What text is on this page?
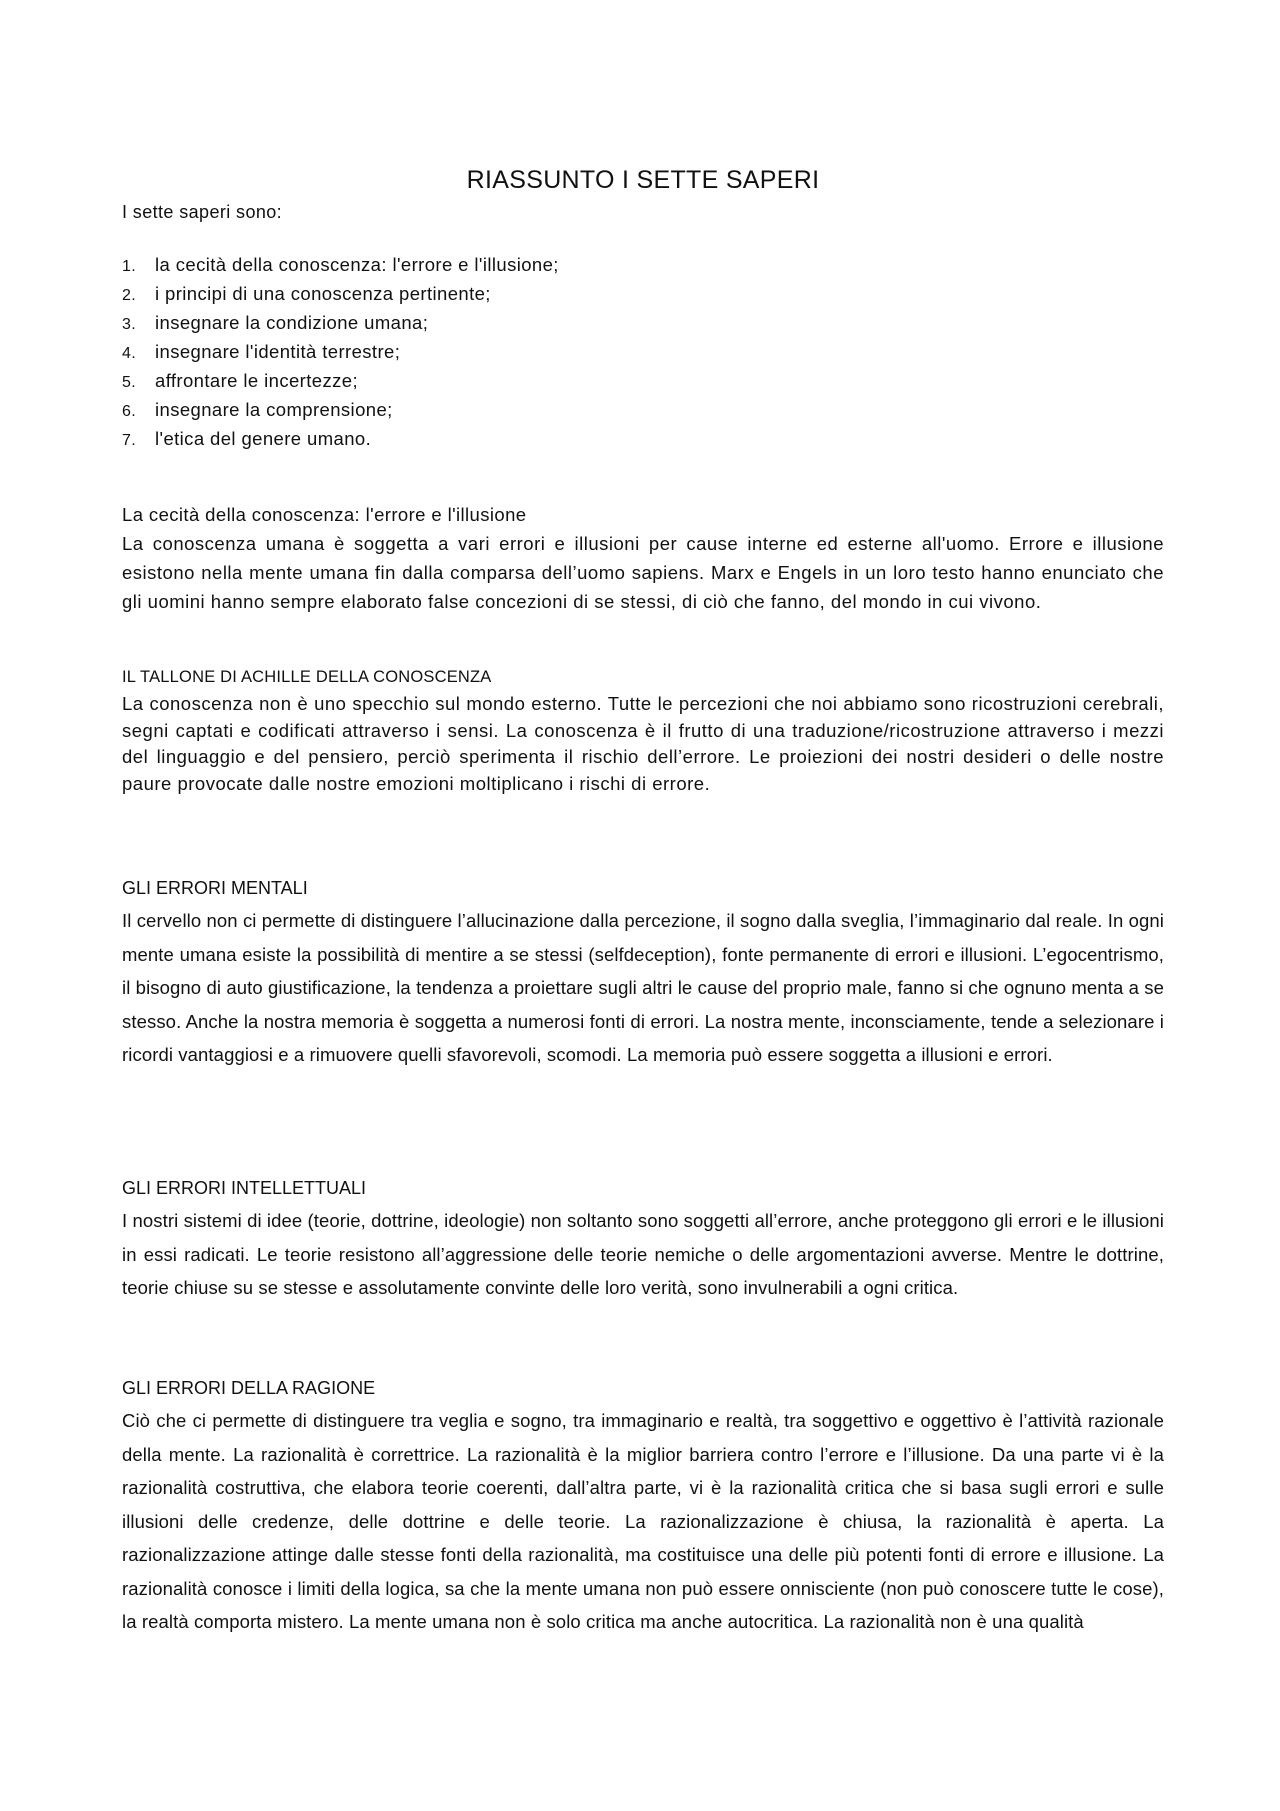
RIASSUNTO I SETTE SAPERI

I sette saperi sono:

1. la cecità della conoscenza: l'errore e l'illusione;
2. i principi di una conoscenza pertinente;
3. insegnare la condizione umana;
4. insegnare l'identità terrestre;
5. affrontare le incertezze;
6. insegnare la comprensione;
7. l'etica del genere umano.

La cecità della conoscenza: l'errore e l'illusione

La conoscenza umana è soggetta a vari errori e illusioni per cause interne ed esterne all'uomo. Errore e illusione esistono nella mente umana fin dalla comparsa dell’uomo sapiens. Marx e Engels in un loro testo hanno enunciato che gli uomini hanno sempre elaborato false concezioni di se stessi, di ciò che fanno, del mondo in cui vivono.

IL TALLONE DI ACHILLE DELLA CONOSCENZA

La conoscenza non è uno specchio sul mondo esterno. Tutte le percezioni che noi abbiamo sono ricostruzioni cerebrali, segni captati e codificati attraverso i sensi. La conoscenza è il frutto di una traduzione/ricostruzione attraverso i mezzi del linguaggio e del pensiero, perciò sperimenta il rischio dell’errore. Le proiezioni dei nostri desideri o delle nostre paure provocate dalle nostre emozioni moltiplicano i rischi di errore.

GLI ERRORI MENTALI

Il cervello non ci permette di distinguere l’allucinazione dalla percezione, il sogno dalla sveglia, l’immaginario dal reale. In ogni mente umana esiste la possibilità di mentire a se stessi (selfdeception), fonte permanente di errori e illusioni. L’egocentrismo, il bisogno di auto giustificazione, la tendenza a proiettare sugli altri le cause del proprio male, fanno si che ognuno menta a se stesso. Anche la nostra memoria è soggetta a numerosi fonti di errori. La nostra mente, inconsciamente, tende a selezionare i ricordi vantaggiosi e a rimuovere quelli sfavorevoli, scomodi. La memoria può essere soggetta a illusioni e errori.

GLI ERRORI INTELLETTUALI

I nostri sistemi di idee (teorie, dottrine, ideologie) non soltanto sono soggetti all’errore, anche proteggono gli errori e le illusioni in essi radicati. Le teorie resistono all’aggressione delle teorie nemiche o delle argomentazioni avverse. Mentre le dottrine, teorie chiuse su se stesse e assolutamente convinte delle loro verità, sono invulnerabili a ogni critica.

GLI ERRORI DELLA RAGIONE

Ciò che ci permette di distinguere tra veglia e sogno, tra immaginario e realtà, tra soggettivo e oggettivo è l’attività razionale della mente. La razionalità è correttrice. La razionalità è la miglior barriera contro l’errore e l’illusione. Da una parte vi è la razionalità costruttiva, che elabora teorie coerenti, dall’altra parte, vi è la razionalità critica che si basa sugli errori e sulle illusioni delle credenze, delle dottrine e delle teorie. La razionalizzazione è chiusa, la razionalità è aperta. La razionalizzazione attinge dalle stesse fonti della razionalità, ma costituisce una delle più potenti fonti di errore e illusione. La razionalità conosce i limiti della logica, sa che la mente umana non può essere onnisciente (non può conoscere tutte le cose), la realtà comporta mistero. La mente umana non è solo critica ma anche autocritica. La razionalità non è una qualità
